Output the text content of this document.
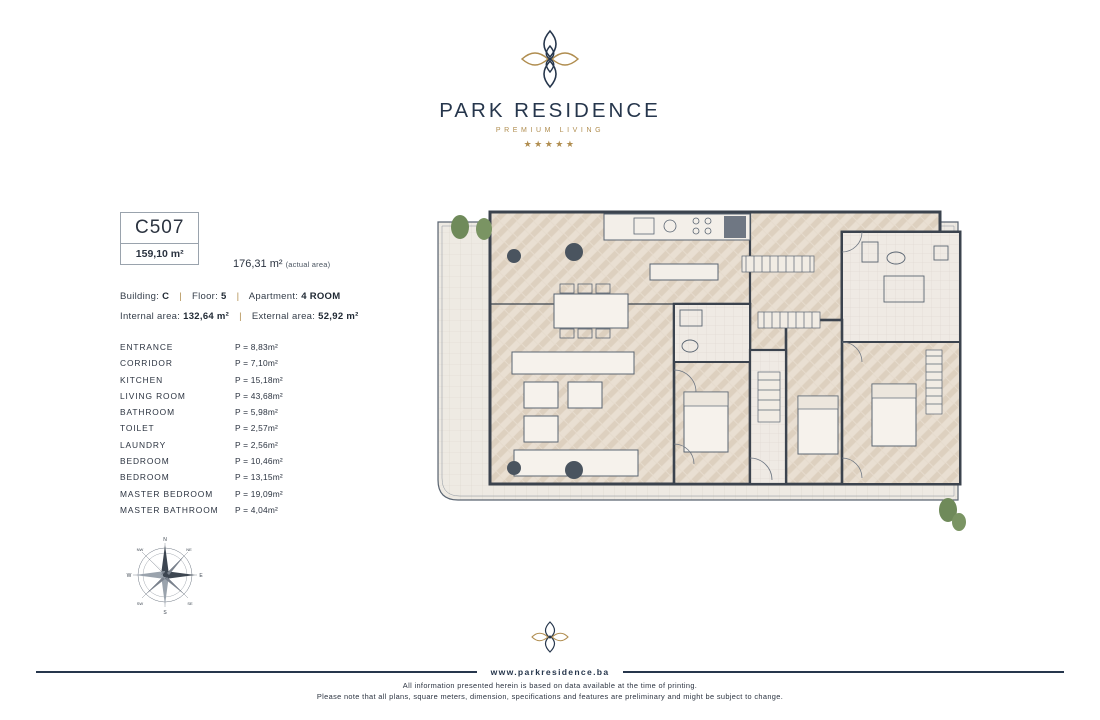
PARK RESIDENCE
PREMIUM LIVING
★★★★★
C507
159,10 m²
176,31 m² (actual area)
Building: C | Floor: 5 | Apartment: 4 ROOM
Internal area: 132,64 m² | External area: 52,92 m²
ENTRANCE	P = 8,83m²
CORRIDOR	P = 7,10m²
KITCHEN	P = 15,18m²
LIVING ROOM	P = 43,68m²
BATHROOM	P = 5,98m²
TOILET	P = 2,57m²
LAUNDRY	P = 2,56m²
BEDROOM	P = 10,46m²
BEDROOM	P = 13,15m²
MASTER BEDROOM	P = 19,09m²
MASTER BATHROOM	P = 4,04m²
N
S
E
W
NE
NW
SE
SW
www.parkresidence.ba
All information presented herein is based on data available at the time of printing.
Please note that all plans, square meters, dimension, specifications and features are preliminary and might be subject to change.
